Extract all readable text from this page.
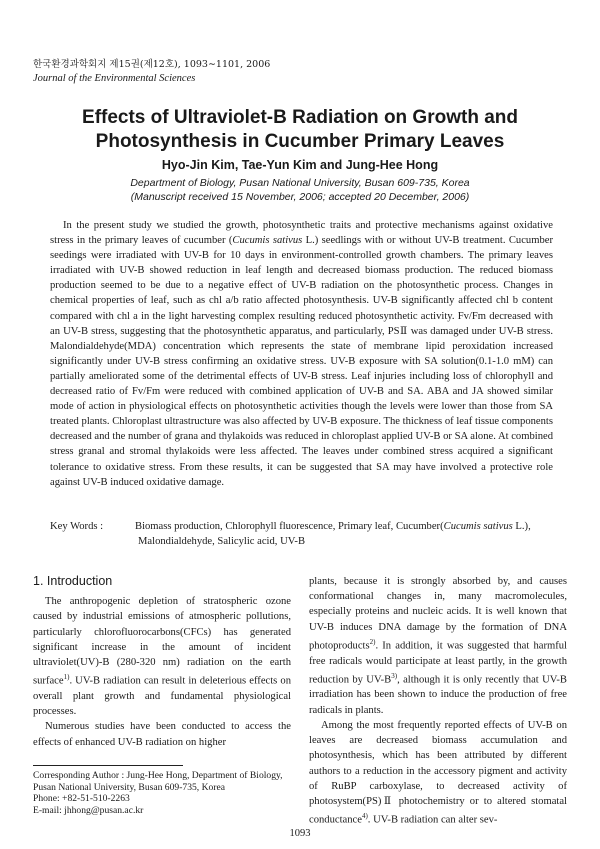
한국환경과학회지 제15권(제12호), 1093∼1101, 2006
Journal of the Environmental Sciences
Effects of Ultraviolet-B Radiation on Growth and
Photosynthesis in Cucumber Primary Leaves
Hyo-Jin Kim, Tae-Yun Kim and Jung-Hee Hong
Department of Biology, Pusan National University, Busan 609-735, Korea
(Manuscript received 15 November, 2006; accepted 20 December, 2006)
In the present study we studied the growth, photosynthetic traits and protective mechanisms against oxidative stress in the primary leaves of cucumber (Cucumis sativus L.) seedlings with or without UV-B treatment. Cucumber seedings were irradiated with UV-B for 10 days in environment-controlled growth chambers. The primary leaves irradiated with UV-B showed reduction in leaf length and decreased biomass production. The reduced biomass production seemed to be due to a negative effect of UV-B radiation on the photosynthetic process. Changes in chemical properties of leaf, such as chl a/b ratio affected photosynthesis. UV-B significantly affected chl b content compared with chl a in the light harvesting complex resulting reduced photosynthetic activity. Fv/Fm decreased with an UV-B stress, suggesting that the photosynthetic apparatus, and particularly, PSⅡ was damaged under UV-B stress. Malondialdehyde(MDA) concentration which represents the state of membrane lipid peroxidation increased significantly under UV-B stress confirming an oxidative stress. UV-B exposure with SA solution(0.1-1.0 mM) can partially ameliorated some of the detrimental effects of UV-B stress. Leaf injuries including loss of chlorophyll and decreased ratio of Fv/Fm were reduced with combined application of UV-B and SA. ABA and JA showed similar mode of action in physiological effects on photosynthetic activities though the levels were lower than those from SA treated plants. Chloroplast ultrastructure was also affected by UV-B exposure. The thickness of leaf tissue components decreased and the number of grana and thylakoids was reduced in chloroplast applied UV-B or SA alone. At combined stress granal and stromal thylakoids were less affected. The leaves under combined stress acquired a significant tolerance to oxidative stress. From these results, it can be suggested that SA may have involved a protective role against UV-B induced oxidative damage.
Key Words :	Biomass production, Chlorophyll fluorescence, Primary leaf, Cucumber(Cucumis sativus L.),
Malondialdehyde, Salicylic acid, UV-B
1. Introduction

The anthropogenic depletion of stratospheric ozone caused by industrial emissions of atmospheric pollutions, particularly chlorofluorocarbons(CFCs) has generated significant increase in the amount of incident ultraviolet(UV)-B (280-320 nm) radiation on the earth surface$^{1)}$. UV-B radiation can result in deleterious effects on overall plant growth and fundamental physiological processes.

Numerous studies have been conducted to access the effects of enhanced UV-B radiation on higher

plants, because it is strongly absorbed by, and causes conformational changes in, many macromolecules, especially proteins and nucleic acids. It is well known that UV-B induces DNA damage by the formation of DNA photoproducts$^{2)}$. In addition, it was suggested that harmful free radicals would participate at least partly, in the growth reduction by $UV-B^{3)}$, although it is only recently that UV-B irradiation has been shown to induce the production of free radicals in plants.

Among the most frequently reported effects of UV-B on leaves are decreased biomass accumulation and photosynthesis, which has been attributed by different authors to a reduction in the accessory pigment and activity of RuBP carboxylase, to decreased activity of photosystem(PS)Ⅱ photochemistry or to altered stomatal conductance$^{4)}$. UV-B radiation can alter sev-

Corresponding Author : Jung-Hee Hong, Department of Biology, Pusan National University, Busan 609-735, Korea
Phone: +82-51-510-2263
E-mail: jhhong@pusan.ac.kr
1093
